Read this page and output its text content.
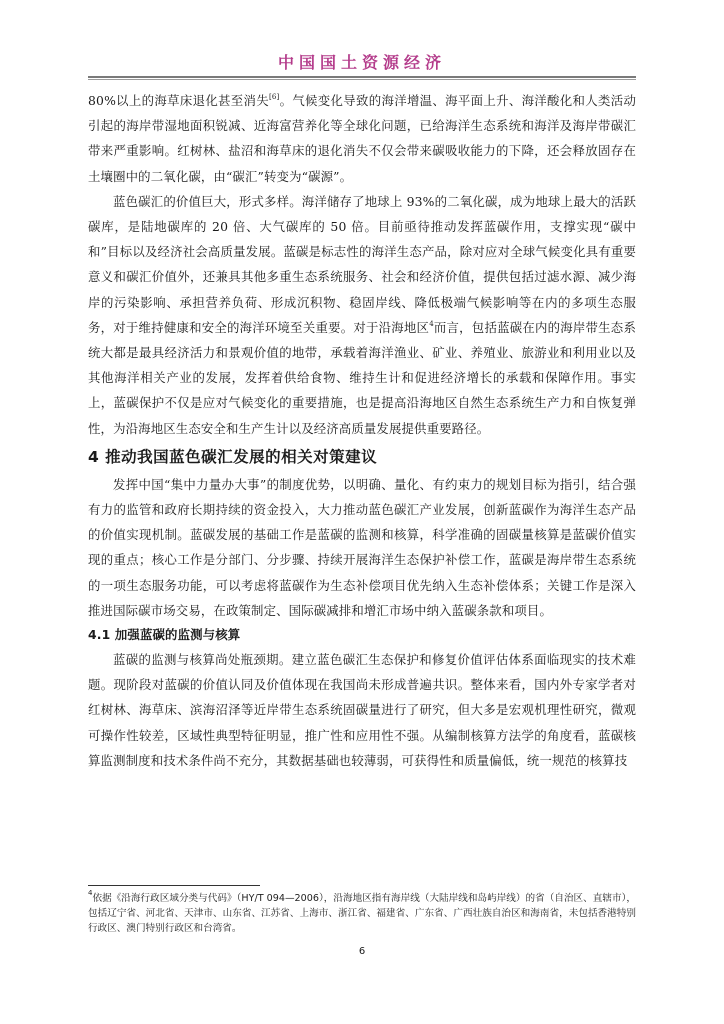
中国国土资源经济

80%以上的海草床退化甚至消失[6]。气候变化导致的海洋增温、海平面上升、海洋酸化和人类活动引起的海岸带湿地面积锐减、近海富营养化等全球化问题，已给海洋生态系统和海洋及海岸带碳汇带来严重影响。红树林、盐沼和海草床的退化消失不仅会带来碳吸收能力的下降，还会释放固存在土壤圈中的二氧化碳，由“碳汇”转变为“碳源”。

蓝色碳汇的价值巨大，形式多样。海洋储存了地球上 93%的二氧化碳，成为地球上最大的活跃碳库，是陆地碳库的 20 倍、大气碳库的 50 倍。目前亟待推动发挥蓝碳作用，支撑实现“碳中和”目标以及经济社会高质量发展。蓝碳是标志性的海洋生态产品，除对应对全球气候变化具有重要意义和碳汇价值外，还兼具其他多重生态系统服务、社会和经济价值，提供包括过滤水源、减少海岸的污染影响、承担营养负荷、形成沉积物、稳固岸线、降低极端气候影响等在内的多项生态服务，对于维持健康和安全的海洋环境至关重要。对于沿海地区$^4$而言，包括蓝碳在内的海岸带生态系统大都是最具经济活力和景观价值的地带，承载着海洋渔业、矿业、养殖业、旅游业和利用业以及其他海洋相关产业的发展，发挥着供给食物、维持生计和促进经济增长的承载和保障作用。事实上，蓝碳保护不仅是应对气候变化的重要措施，也是提高沿海地区自然生态系统生产力和自恢复弹性，为沿海地区生态安全和生产生计以及经济高质量发展提供重要路径。

4 推动我国蓝色碳汇发展的相关对策建议

发挥中国“集中力量办大事”的制度优势，以明确、量化、有约束力的规划目标为指引，结合强有力的监管和政府长期持续的资金投入，大力推动蓝色碳汇产业发展，创新蓝碳作为海洋生态产品的价值实现机制。蓝碳发展的基础工作是蓝碳的监测和核算，科学准确的固碳量核算是蓝碳价值实现的重点；核心工作是分部门、分步骤、持续开展海洋生态保护补偿工作，蓝碳是海岸带生态系统的一项生态服务功能，可以考虑将蓝碳作为生态补偿项目优先纳入生态补偿体系；关键工作是深入推进国际碳市场交易，在政策制定、国际碳减排和增汇市场中纳入蓝碳条款和项目。

4.1 加强蓝碳的监测与核算

蓝碳的监测与核算尚处瓶颈期。建立蓝色碳汇生态保护和修复价值评估体系面临现实的技术难题。现阶段对蓝碳的价值认同及价值体现在我国尚未形成普遍共识。整体来看，国内外专家学者对红树林、海草床、滨海沼泽等近岸带生态系统固碳量进行了研究，但大多是宏观机理性研究，微观可操作性较差，区域性典型特征明显，推广性和应用性不强。从编制核算方法学的角度看，蓝碳核算监测制度和技术条件尚不充分，其数据基础也较薄弱，可获得性和质量偏低，统一规范的核算技

$^4$依据《沿海行政区域分类与代码》（HY/T 094—2006），沿海地区指有海岸线（大陆岸线和岛屿岸线）的省（自治区、直辖市），包括辽宁省、河北省、天津市、山东省、江苏省、上海市、浙江省、福建省、广东省、广西壮族自治区和海南省，未包括香港特别行政区、澳门特别行政区和台湾省。
6
